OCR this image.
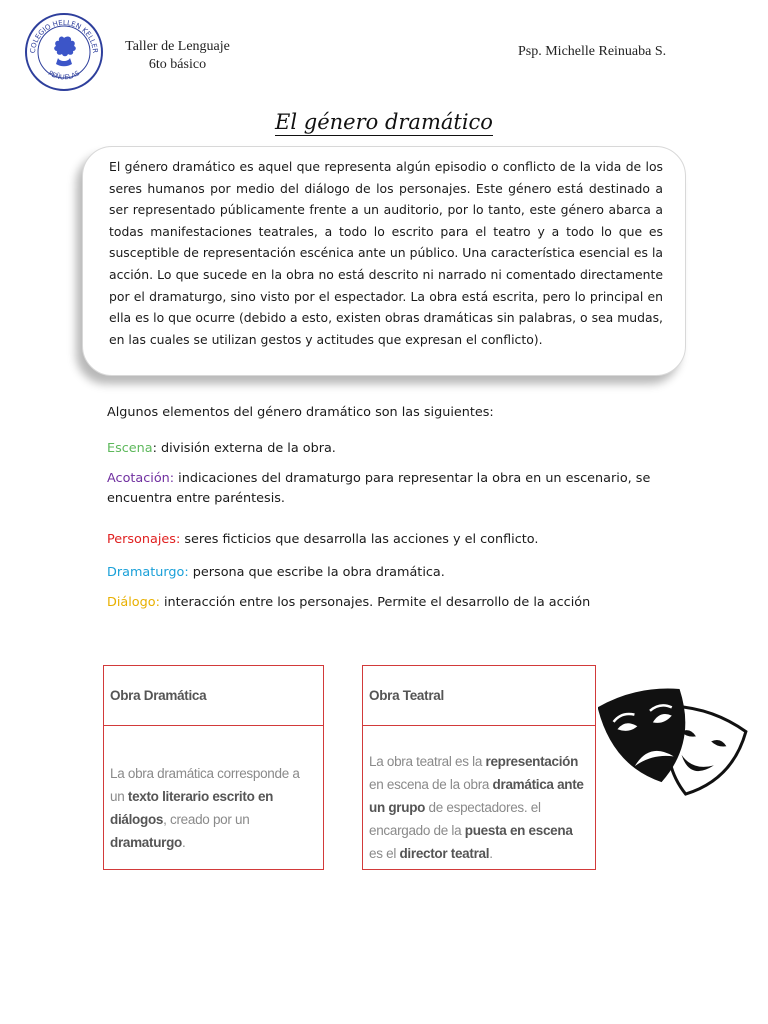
COLEGIO HELLEN KELLER
PEÑUELAS
Taller de Lenguaje
6to básico
Psp. Michelle Reinuaba S.
El género dramático

El género dramático es aquel que representa algún episodio o conflicto de la vida de los seres humanos por medio del diálogo de los personajes. Este género está destinado a ser representado públicamente frente a un auditorio, por lo tanto, este género abarca a todas manifestaciones teatrales, a todo lo escrito para el teatro y a todo lo que es susceptible de representación escénica ante un público. Una característica esencial es la acción. Lo que sucede en la obra no está descrito ni narrado ni comentado directamente por el dramaturgo, sino visto por el espectador. La obra está escrita, pero lo principal en ella es lo que ocurre (debido a esto, existen obras dramáticas sin palabras, o sea mudas, en las cuales se utilizan gestos y actitudes que expresan el conflicto).

Algunos elementos del género dramático son las siguientes:
Escena: división externa de la obra.
Acotación: indicaciones del dramaturgo para representar la obra en un escenario, se encuentra entre paréntesis.
Personajes: seres ficticios que desarrolla las acciones y el conflicto.
Dramaturgo: persona que escribe la obra dramática.
Diálogo: interacción entre los personajes. Permite el desarrollo de la acción
Obra Dramática
La obra dramática corresponde a un texto literario escrito en diálogos, creado por un dramaturgo.
Obra Teatral
La obra teatral es la representación en escena de la obra dramática ante un grupo de espectadores. el encargado de la puesta en escena es el director teatral.
